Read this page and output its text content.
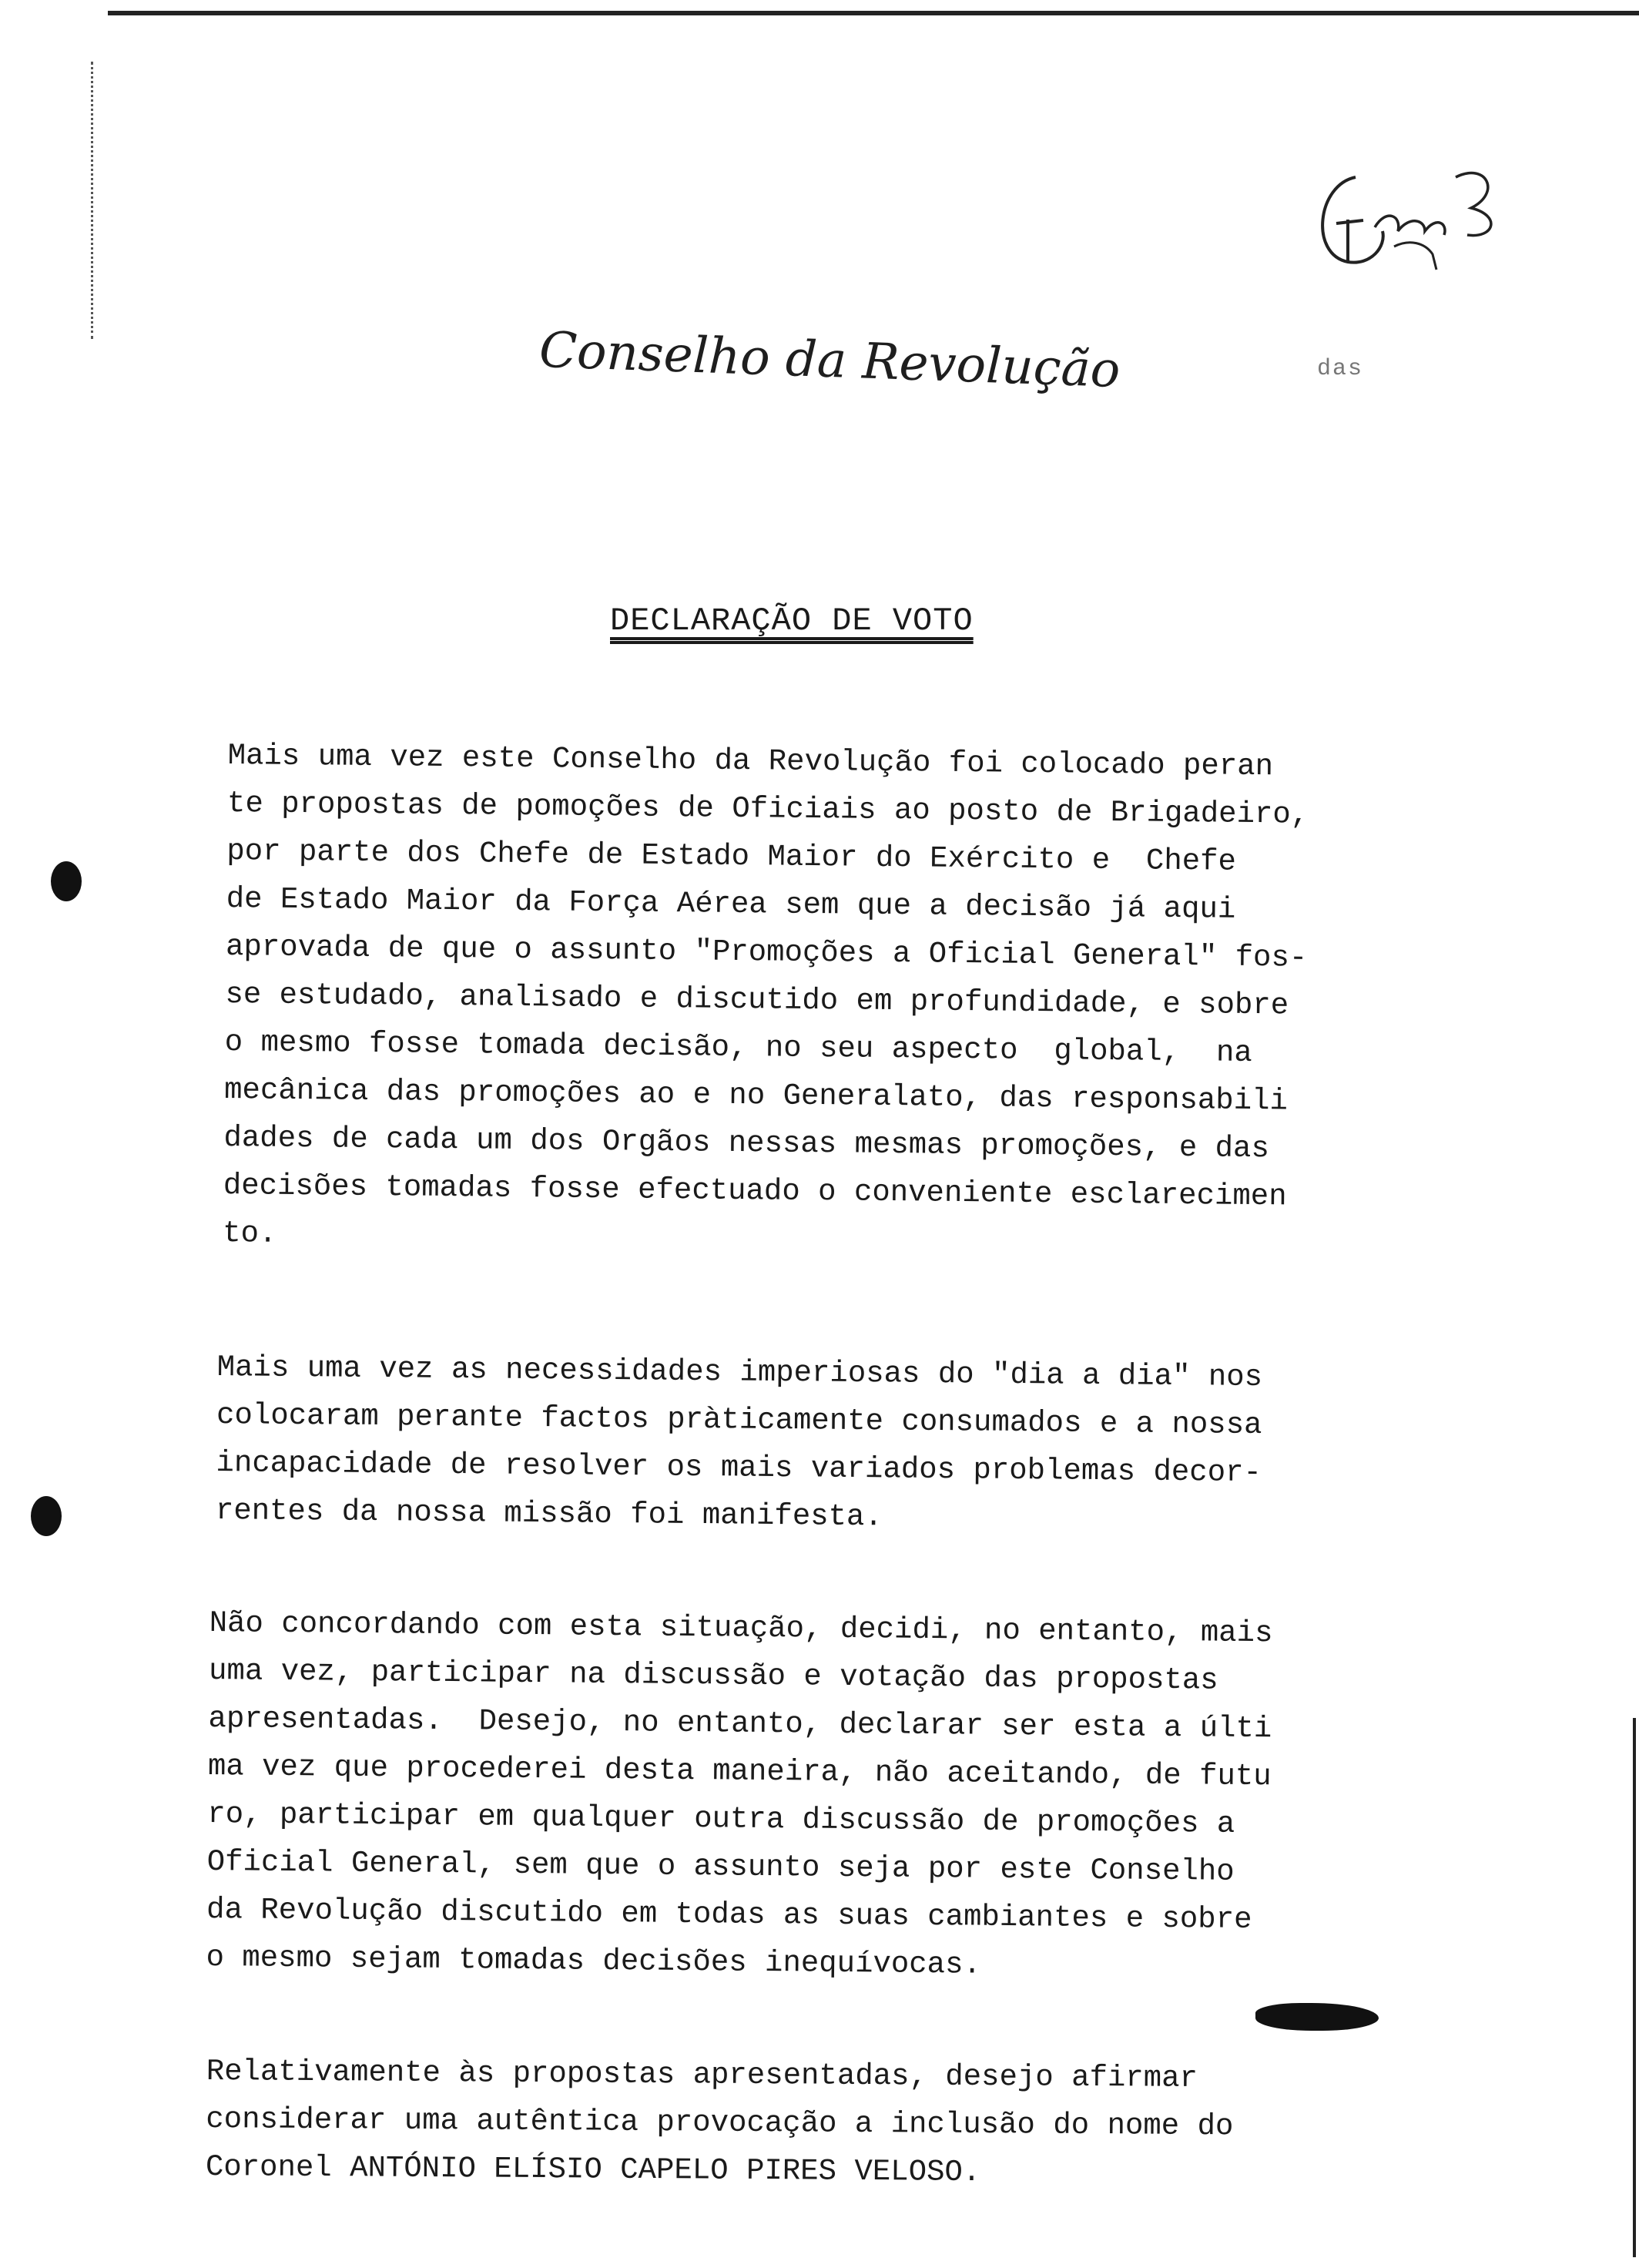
Conselho da Revolução	das
DECLARAÇÃO DE VOTO

Mais uma vez este Conselho da Revolução foi colocado peran
te propostas de pomoções de Oficiais ao posto de Brigadeiro,
por parte dos Chefe de Estado Maior do Exército e  Chefe
de Estado Maior da Força Aérea sem que a decisão já aqui
aprovada de que o assunto "Promoções a Oficial General" fos-
se estudado, analisado e discutido em profundidade, e sobre
o mesmo fosse tomada decisão, no seu aspecto  global,  na
mecânica das promoções ao e no Generalato, das responsabili
dades de cada um dos Orgãos nessas mesmas promoções, e das
decisões tomadas fosse efectuado o conveniente esclarecimen
to.

Mais uma vez as necessidades imperiosas do "dia a dia" nos
colocaram perante factos pràticamente consumados e a nossa
incapacidade de resolver os mais variados problemas decor-
rentes da nossa missão foi manifesta.

Não concordando com esta situação, decidi, no entanto, mais
uma vez, participar na discussão e votação das propostas
apresentadas.  Desejo, no entanto, declarar ser esta a últi
ma vez que procederei desta maneira, não aceitando, de futu
ro, participar em qualquer outra discussão de promoções a
Oficial General, sem que o assunto seja por este Conselho
da Revolução discutido em todas as suas cambiantes e sobre
o mesmo sejam tomadas decisões inequívocas.

Relativamente às propostas apresentadas, desejo afirmar
considerar uma autêntica provocação a inclusão do nome do
Coronel ANTÓNIO ELÍSIO CAPELO PIRES VELOSO.
